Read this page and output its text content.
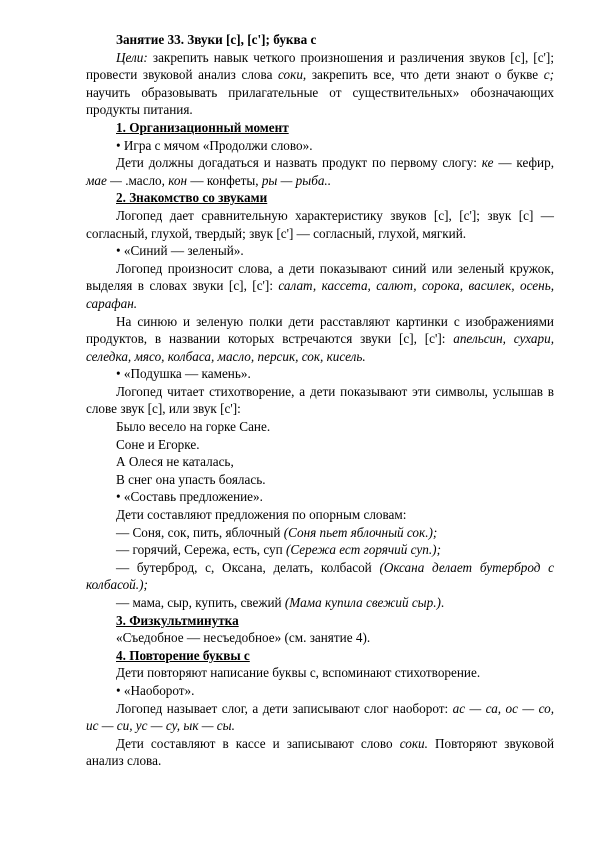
Занятие 33. Звуки [с], [с']; буква с

Цели: закрепить навык четкого произношения и различения звуков [с], [с']; провести звуковой анализ слова соки, закрепить все, что дети знают о букве с; научить образовывать прилагательные от существительных» обозначающих продукты питания.

1. Организационный момент

• Игра с мячом «Продолжи слово».

Дети должны догадаться и назвать продукт по первому слогу: ке — кефир, мае — .масло, кон — конфеты, ры — рыба..

2. Знакомство со звуками

Логопед дает сравнительную характеристику звуков [с], [с']; звук [с] — согласный, глухой, твердый; звук [с'] — согласный, глухой, мягкий.

• «Синий — зеленый».

Логопед произносит слова, а дети показывают синий или зеленый кружок, выделяя в словах звуки [с], [с']: салат, кассета, салют, сорока, василек, осень, сарафан.

На синюю и зеленую полки дети расставляют картинки с изображениями продуктов, в названии которых встречаются звуки [с], [с']: апельсин, сухари, селедка, мясо, колбаса, масло, персик, сок, кисель.

• «Подушка — камень».

Логопед читает стихотворение, а дети показывают эти символы, услышав в слове звук [с], или звук [с']:

Было весело на горке Сане.

Соне и Егорке.

А Олеся не каталась,

В снег она упасть боялась.

• «Составь предложение».

Дети составляют предложения по опорным словам:

— Соня, сок, пить, яблочный (Соня пьет яблочный сок.);

— горячий, Сережа, есть, суп (Сережа ест горячий суп.);

— бутерброд, с, Оксана, делать, колбасой (Оксана делает бутерброд с колбасой.);

— мама, сыр, купить, свежий (Мама купила свежий сыр.).

3. Физкультминутка

«Съедобное — несъедобное» (см. занятие 4).

4. Повторение буквы с

Дети повторяют написание буквы с, вспоминают стихотворение.

• «Наоборот».

Логопед называет слог, а дети записывают слог наоборот: ас — са, ос — со, ис — си, ус — су, ык — сы.

Дети составляют в кассе и записывают слово соки. Повторяют звуковой анализ слова.
